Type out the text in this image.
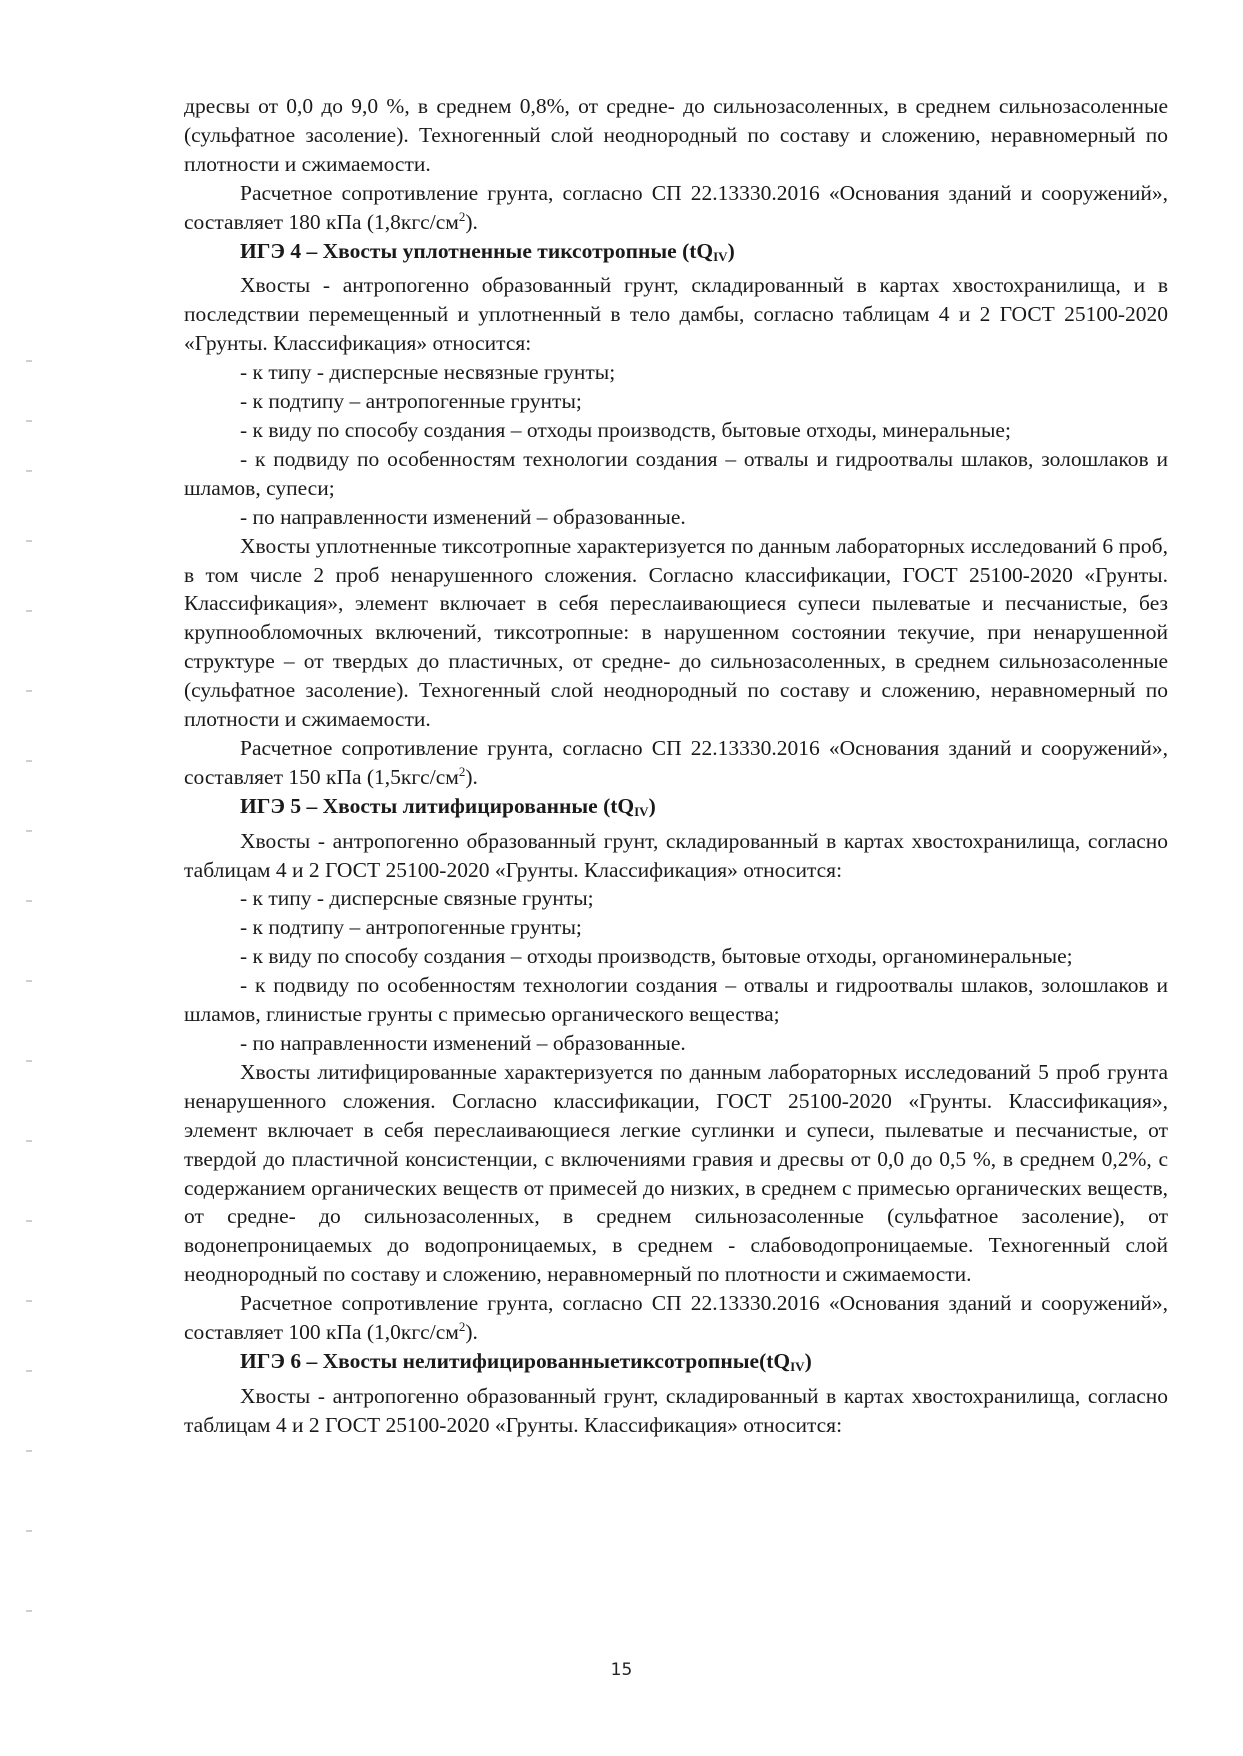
дресвы от 0,0 до 9,0 %, в среднем 0,8%, от средне- до сильнозасоленных, в среднем сильнозасоленные (сульфатное засоление). Техногенный слой неоднородный по составу и сложению, неравномерный по плотности и сжимаемости.

Расчетное сопротивление грунта, согласно СП 22.13330.2016 «Основания зданий и сооружений», составляет 180 кПа $(1,8кгс/см^2)$.

ИГЭ 4 – Хвосты уплотненные тиксотропные $(tQ_{IV})$

Хвосты - антропогенно образованный грунт, складированный в картах хвостохранилища, и в последствии перемещенный и уплотненный в тело дамбы, согласно таблицам 4 и 2 ГОСТ 25100-2020 «Грунты. Классификация» относится:

- к типу - дисперсные несвязные грунты;

- к подтипу – антропогенные грунты;

- к виду по способу создания – отходы производств, бытовые отходы, минеральные;

- к подвиду по особенностям технологии создания – отвалы и гидроотвалы шлаков, золошлаков и шламов, супеси;

- по направленности изменений – образованные.

Хвосты уплотненные тиксотропные характеризуется по данным лабораторных исследований 6 проб, в том числе 2 проб ненарушенного сложения. Согласно классификации, ГОСТ 25100-2020 «Грунты. Классификация», элемент включает в себя переслаивающиеся супеси пылеватые и песчанистые, без крупнообломочных включений, тиксотропные: в нарушенном состоянии текучие, при ненарушенной структуре – от твердых до пластичных, от средне- до сильнозасоленных, в среднем сильнозасоленные (сульфатное засоление). Техногенный слой неоднородный по составу и сложению, неравномерный по плотности и сжимаемости.

Расчетное сопротивление грунта, согласно СП 22.13330.2016 «Основания зданий и сооружений», составляет 150 кПа $(1,5кгс/см^2)$.

ИГЭ 5 – Хвосты литифицированные $(tQ_{IV})$

Хвосты - антропогенно образованный грунт, складированный в картах хвостохранилища, согласно таблицам 4 и 2 ГОСТ 25100-2020 «Грунты. Классификация» относится:

- к типу - дисперсные связные грунты;

- к подтипу – антропогенные грунты;

- к виду по способу создания – отходы производств, бытовые отходы, органоминеральные;

- к подвиду по особенностям технологии создания – отвалы и гидроотвалы шлаков, золошлаков и шламов, глинистые грунты с примесью органического вещества;

- по направленности изменений – образованные.

Хвосты литифицированные характеризуется по данным лабораторных исследований 5 проб грунта ненарушенного сложения. Согласно классификации, ГОСТ 25100-2020 «Грунты. Классификация», элемент включает в себя переслаивающиеся легкие суглинки и супеси, пылеватые и песчанистые, от твердой до пластичной консистенции, с включениями гравия и дресвы от 0,0 до 0,5 %, в среднем 0,2%, с содержанием органических веществ от примесей до низких, в среднем с примесью органических веществ, от средне- до сильнозасоленных, в среднем сильнозасоленные (сульфатное засоление), от водонепроницаемых до водопроницаемых, в среднем - слабоводопроницаемые. Техногенный слой неоднородный по составу и сложению, неравномерный по плотности и сжимаемости.

Расчетное сопротивление грунта, согласно СП 22.13330.2016 «Основания зданий и сооружений», составляет 100 кПа $(1,0кгс/см^2)$.

ИГЭ 6 – Хвосты $нелитифицированныетиксотропные(tQ_{IV})$

Хвосты - антропогенно образованный грунт, складированный в картах хвостохранилища, согласно таблицам 4 и 2 ГОСТ 25100-2020 «Грунты. Классификация» относится:

15
